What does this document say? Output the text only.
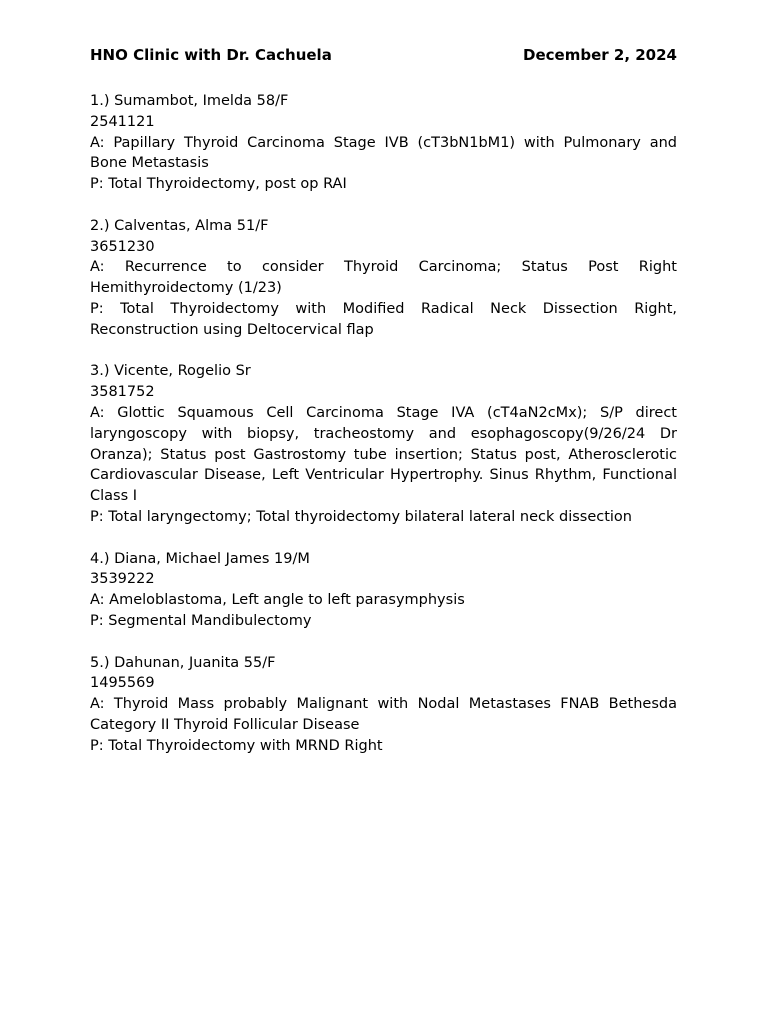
HNO Clinic with Dr. Cachuela	December 2, 2024

1.) Sumambot, Imelda 58/F

2541121

A: Papillary Thyroid Carcinoma Stage IVB (cT3bN1bM1) with Pulmonary and Bone Metastasis

P: Total Thyroidectomy, post op RAI

2.) Calventas, Alma 51/F

3651230

A: Recurrence to consider Thyroid Carcinoma; Status Post Right Hemithyroidectomy (1/23)

P: Total Thyroidectomy with Modified Radical Neck Dissection Right, Reconstruction using Deltocervical flap

3.) Vicente, Rogelio Sr

3581752

A: Glottic Squamous Cell Carcinoma Stage IVA (cT4aN2cMx); S/P direct laryngoscopy with biopsy, tracheostomy and esophagoscopy(9/26/24 Dr Oranza); Status post Gastrostomy tube insertion; Status post, Atherosclerotic Cardiovascular Disease, Left Ventricular Hypertrophy. Sinus Rhythm, Functional Class I

P: Total laryngectomy; Total thyroidectomy bilateral lateral neck dissection

4.) Diana, Michael James 19/M

3539222

A: Ameloblastoma, Left angle to left parasymphysis

P: Segmental Mandibulectomy

5.) Dahunan, Juanita 55/F

1495569

A: Thyroid Mass probably Malignant with Nodal Metastases FNAB Bethesda Category II Thyroid Follicular Disease

P: Total Thyroidectomy with MRND Right
